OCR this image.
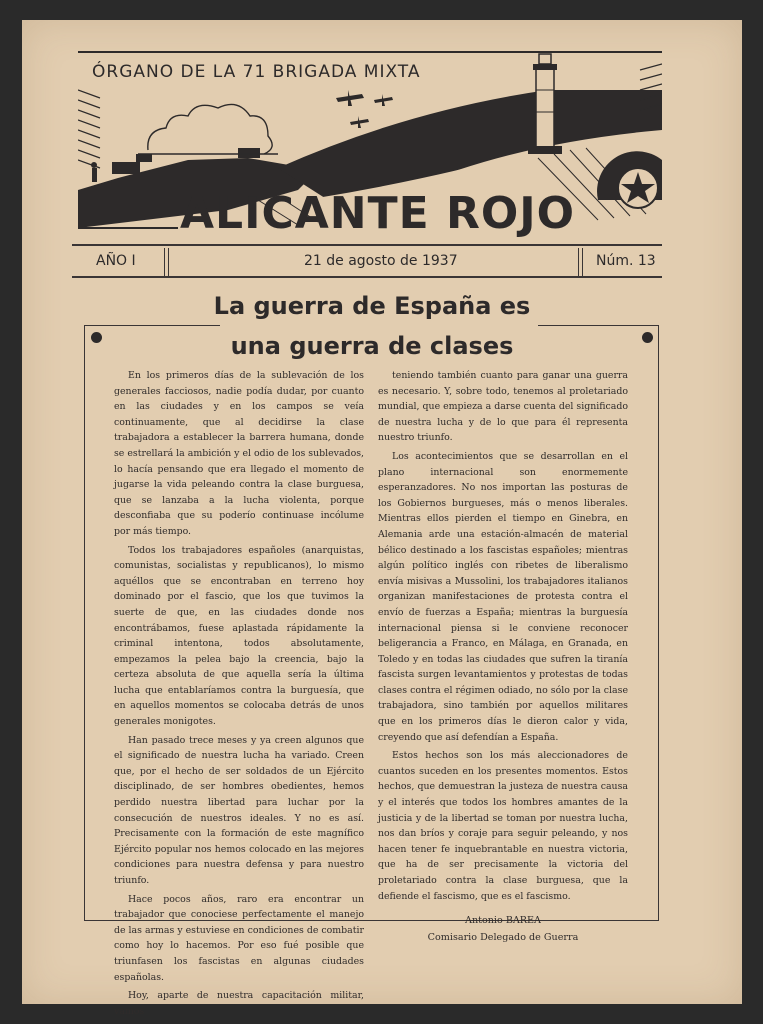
ÓRGANO DE LA 71 BRIGADA MIXTA
ALICANTE ROJO
AÑO I	21 de agosto de 1937	Núm. 13
La guerra de España es
una guerra de clases

En los primeros días de la sublevación de los generales facciosos, nadie podía dudar, por cuanto en las ciudades y en los campos se veía continuamente, que al decidirse la clase trabajadora a establecer la barrera humana, donde se estrellará la ambición y el odio de los sublevados, lo hacía pensando que era llegado el momento de jugarse la vida peleando contra la clase burguesa, que se lanzaba a la lucha violenta, porque desconfiaba que su poderío continuase incólume por más tiempo.

Todos los trabajadores españoles (anarquistas, comunistas, socialistas y republicanos), lo mismo aquéllos que se encontraban en terreno hoy dominado por el fascio, que los que tuvimos la suerte de que, en las ciudades donde nos encontrábamos, fuese aplastada rápidamente la criminal intentona, todos absolutamente, empezamos la pelea bajo la creencia, bajo la certeza absoluta de que aquella sería la última lucha que entablaríamos contra la burguesía, que en aquellos momentos se colocaba detrás de unos generales monigotes.

Han pasado trece meses y ya creen algunos que el significado de nuestra lucha ha variado. Creen que, por el hecho de ser soldados de un Ejército disciplinado, de ser hombres obedientes, hemos perdido nuestra libertad para luchar por la consecución de nuestros ideales. Y no es así. Precisamente con la formación de este magnífico Ejército popular nos hemos colocado en las mejores condiciones para nuestra defensa y para nuestro triunfo.

Hace pocos años, raro era encontrar un trabajador que conociese perfectamente el manejo de las armas y estuviese en condiciones de combatir como hoy lo hacemos. Por eso fué posible que triunfasen los fascistas en algunas ciudades españolas.

Hoy, aparte de nuestra capacitación militar, vamos

teniendo también cuanto para ganar una guerra es necesario. Y, sobre todo, tenemos al proletariado mundial, que empieza a darse cuenta del significado de nuestra lucha y de lo que para él representa nuestro triunfo.

Los acontecimientos que se desarrollan en el plano internacional son enormemente esperanzadores. No nos importan las posturas de los Gobiernos burgueses, más o menos liberales. Mientras ellos pierden el tiempo en Ginebra, en Alemania arde una estación-almacén de material bélico destinado a los fascistas españoles; mientras algún político inglés con ribetes de liberalismo envía misivas a Mussolini, los trabajadores italianos organizan manifestaciones de protesta contra el envío de fuerzas a España; mientras la burguesía internacional piensa si le conviene reconocer beligerancia a Franco, en Málaga, en Granada, en Toledo y en todas las ciudades que sufren la tiranía fascista surgen levantamientos y protestas de todas clases contra el régimen odiado, no sólo por la clase trabajadora, sino también por aquellos militares que en los primeros días le dieron calor y vida, creyendo que así defendían a España.

Estos hechos son los más aleccionadores de cuantos suceden en los presentes momentos. Estos hechos, que demuestran la justeza de nuestra causa y el interés que todos los hombres amantes de la justicia y de la libertad se toman por nuestra lucha, nos dan bríos y coraje para seguir peleando, y nos hacen tener fe inquebrantable en nuestra victoria, que ha de ser precisamente la victoria del proletariado contra la clase burguesa, que la defiende el fascismo, que es el fascismo.

Antonio BAREA
Comisario Delegado de Guerra
